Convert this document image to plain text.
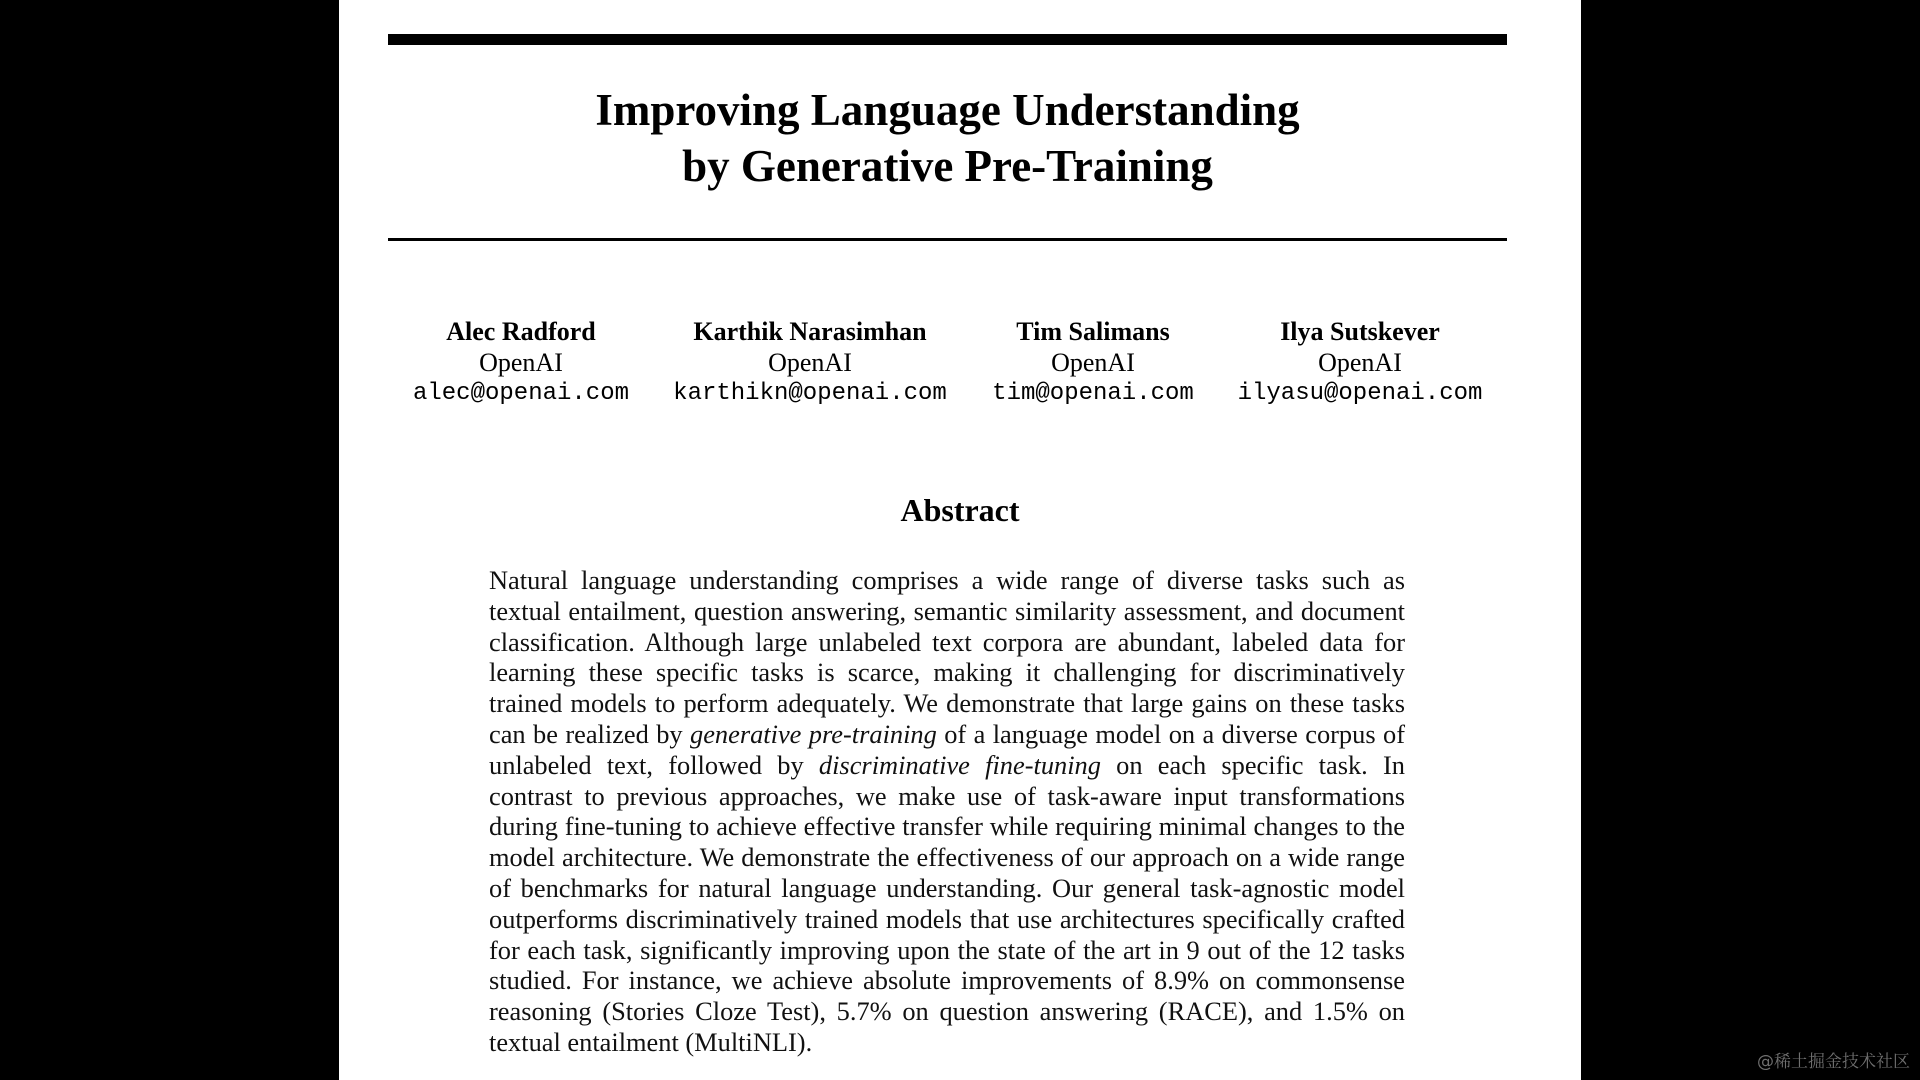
Improving Language Understanding
by Generative Pre-Training
Alec Radford
OpenAI
alec@openai.com
Karthik Narasimhan
OpenAI
karthikn@openai.com
Tim Salimans
OpenAI
tim@openai.com
Ilya Sutskever
OpenAI
ilyasu@openai.com
Abstract

Natural language understanding comprises a wide range of diverse tasks such as textual entailment, question answering, semantic similarity assessment, and document classification. Although large unlabeled text corpora are abundant, labeled data for learning these specific tasks is scarce, making it challenging for discriminatively trained models to perform adequately. We demonstrate that large gains on these tasks can be realized by generative pre-training of a language model on a diverse corpus of unlabeled text, followed by discriminative fine-tuning on each specific task. In contrast to previous approaches, we make use of task-aware input transformations during fine-tuning to achieve effective transfer while requiring minimal changes to the model architecture. We demonstrate the effectiveness of our approach on a wide range of benchmarks for natural language understanding. Our general task-agnostic model outperforms discriminatively trained models that use architectures specifically crafted for each task, significantly improving upon the state of the art in 9 out of the 12 tasks studied. For instance, we achieve absolute improvements of 8.9% on commonsense reasoning (Stories Cloze Test), 5.7% on question answering (RACE), and 1.5% on textual entailment (MultiNLI).

@稀土掘金技术社区
